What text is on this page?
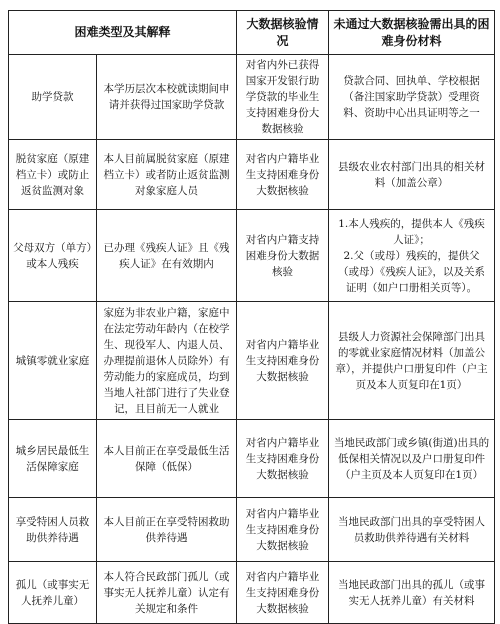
困难类型及其解释		大数据核验情况	未通过大数据核验需出具的困难身份材料
助学贷款	本学历层次本校就读期间申请并获得过国家助学贷款	对省内外已获得国家开发银行助学贷款的毕业生支持困难身份大数据核验	贷款合同、回执单、学校根据（备注国家助学贷款）受理资料、资助中心出具证明等之一

脱贫家庭（原建档立卡）或防止返贫监测对象	本人目前属脱贫家庭（原建档立卡）或者防止返贫监测对象家庭人员	对省内户籍毕业生支持困难身份大数据核验	县级农业农村部门出具的相关材料（加盖公章）

父母双方（单方）或本人残疾	已办理《残疾人证》且《残疾人证》在有效期内	对省内户籍支持困难身份大数据核验	1.本人残疾的，提供本人《残疾人证》；
2.父（或母）残疾的，提供父（或母）《残疾人证》，以及关系证明（如户口册相关页等）。

城镇零就业家庭	家庭为非农业户籍，家庭中在法定劳动年龄内（在校学生、现役军人、内退人员、办理提前退休人员除外）有劳动能力的家庭成员，均到当地人社部门进行了失业登记，且目前无一人就业	对省内户籍毕业生支持困难身份大数据核验	县级人力资源社会保障部门出具的零就业家庭情况材料（加盖公章），并提供户口册复印件（户主页及本人页复印在1页）

城乡居民最低生活保障家庭	本人目前正在享受最低生活保障（低保）	对省内户籍毕业生支持困难身份大数据核验	当地民政部门或乡镇(街道)出具的低保相关情况以及户口册复印件（户主页及本人页复印在1页）

享受特困人员救助供养待遇	本人目前正在享受特困救助供养待遇	对省内户籍毕业生支持困难身份大数据核验	当地民政部门出具的享受特困人员救助供养待遇有关材料

孤儿（或事实无人抚养儿童）	本人符合民政部门孤儿（或事实无人抚养儿童）认定有关规定和条件	对省内户籍毕业生支持困难身份大数据核验	当地民政部门出具的孤儿（或事实无人抚养儿童）有关材料
